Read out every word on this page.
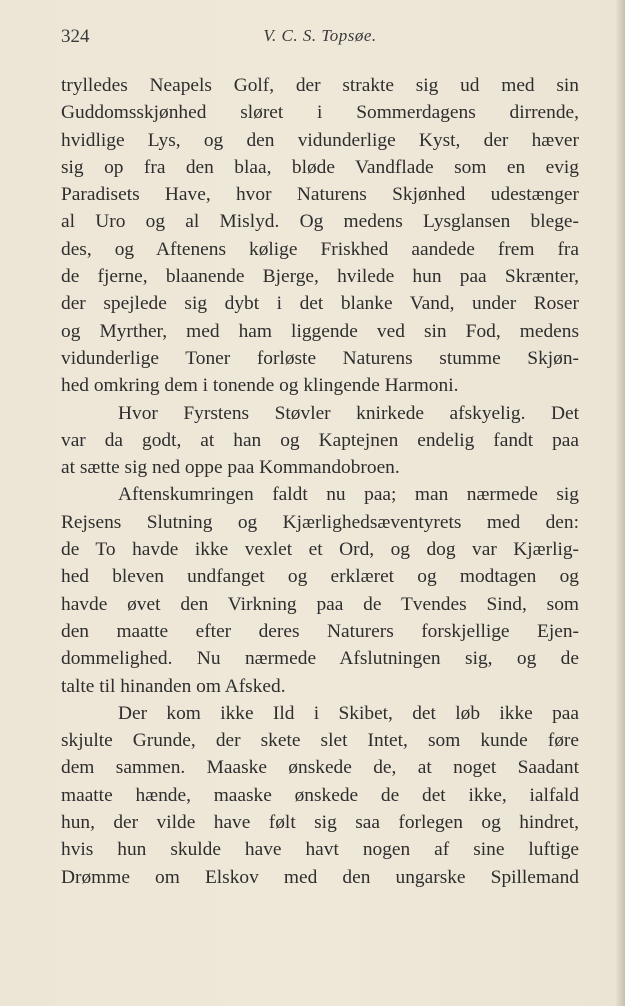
324	V. C. S. Topsøe.
trylledes Neapels Golf, der strakte sig ud med sin
Guddomsskjønhed sløret i Sommerdagens dirrende,
hvidlige Lys, og den vidunderlige Kyst, der hæver
sig op fra den blaa, bløde Vandflade som en evig
Paradisets Have, hvor Naturens Skjønhed udestænger
al Uro og al Mislyd. Og medens Lysglansen blege-
des, og Aftenens kølige Friskhed aandede frem fra
de fjerne, blaanende Bjerge, hvilede hun paa Skrænter,
der spejlede sig dybt i det blanke Vand, under Roser
og Myrther, med ham liggende ved sin Fod, medens
vidunderlige Toner forløste Naturens stumme Skjøn-
hed omkring dem i tonende og klingende Harmoni.
Hvor Fyrstens Støvler knirkede afskyelig. Det
var da godt, at han og Kaptejnen endelig fandt paa
at sætte sig ned oppe paa Kommandobroen.
Aftenskumringen faldt nu paa; man nærmede sig
Rejsens Slutning og Kjærlighedsæventyrets med den:
de To havde ikke vexlet et Ord, og dog var Kjærlig-
hed bleven undfanget og erklæret og modtagen og
havde øvet den Virkning paa de Tvendes Sind, som
den maatte efter deres Naturers forskjellige Ejen-
dommelighed. Nu nærmede Afslutningen sig, og de
talte til hinanden om Afsked.
Der kom ikke Ild i Skibet, det løb ikke paa
skjulte Grunde, der skete slet Intet, som kunde føre
dem sammen. Maaske ønskede de, at noget Saadant
maatte hænde, maaske ønskede de det ikke, ialfald
hun, der vilde have følt sig saa forlegen og hindret,
hvis hun skulde have havt nogen af sine luftige
Drømme om Elskov med den ungarske Spillemand
